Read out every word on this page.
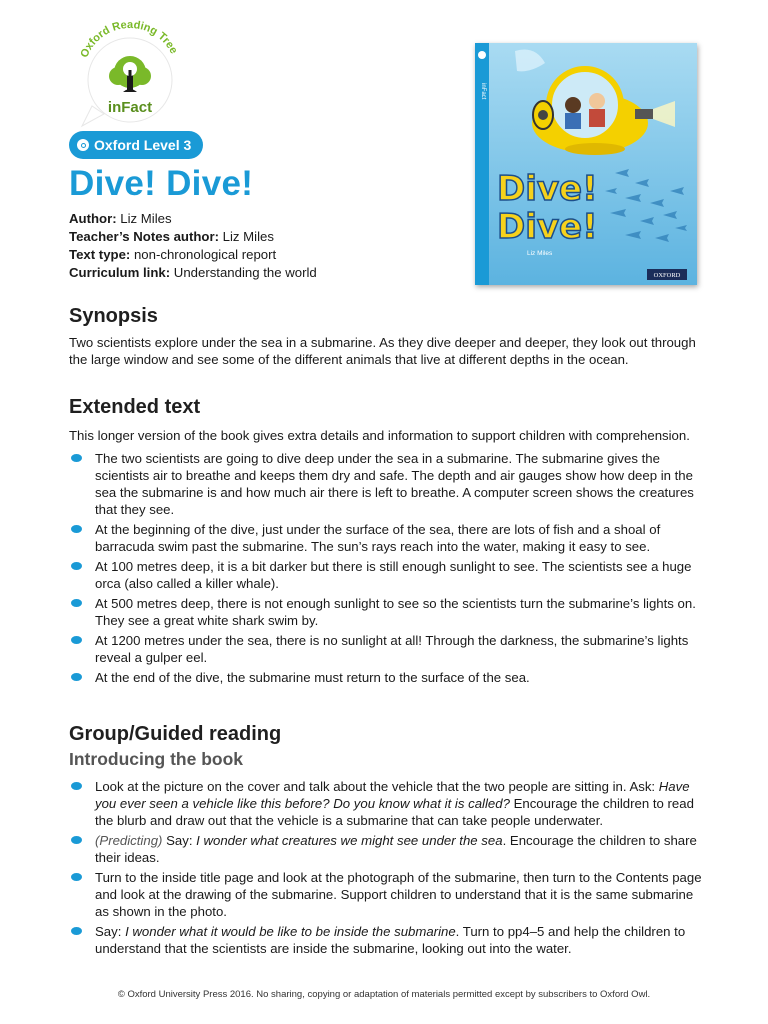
Oxford Reading Tree
inFact
Oxford Level 3
Dive! Dive!
Author: Liz Miles
Teacher’s Notes author: Liz Miles
Text type: non-chronological report
Curriculum link: Understanding the world
inFact
Dive!
Dive!
Liz Miles
OXFORD
Synopsis

Two scientists explore under the sea in a submarine. As they dive deeper and deeper, they look out through the large window and see some of the different animals that live at different depths in the ocean.

Extended text

This longer version of the book gives extra details and information to support children with comprehension.

The two scientists are going to dive deep under the sea in a submarine. The submarine gives the scientists air to breathe and keeps them dry and safe. The depth and air gauges show how deep in the sea the submarine is and how much air there is left to breathe. A computer screen shows the creatures that they see.
At the beginning of the dive, just under the surface of the sea, there are lots of fish and a shoal of barracuda swim past the submarine. The sun’s rays reach into the water, making it easy to see.
At 100 metres deep, it is a bit darker but there is still enough sunlight to see. The scientists see a huge orca (also called a killer whale).
At 500 metres deep, there is not enough sunlight to see so the scientists turn the submarine’s lights on. They see a great white shark swim by.
At 1200 metres under the sea, there is no sunlight at all! Through the darkness, the submarine’s lights reveal a gulper eel.
At the end of the dive, the submarine must return to the surface of the sea.
Group/Guided reading
Introducing the book
Look at the picture on the cover and talk about the vehicle that the two people are sitting in. Ask: Have you ever seen a vehicle like this before? Do you know what it is called? Encourage the children to read the blurb and draw out that the vehicle is a submarine that can take people underwater.
(Predicting) Say: I wonder what creatures we might see under the sea. Encourage the children to share their ideas.
Turn to the inside title page and look at the photograph of the submarine, then turn to the Contents page and look at the drawing of the submarine. Support children to understand that it is the same submarine as shown in the photo.
Say: I wonder what it would be like to be inside the submarine. Turn to pp4–5 and help the children to understand that the scientists are inside the submarine, looking out into the water.
© Oxford University Press 2016. No sharing, copying or adaptation of materials permitted except by subscribers to Oxford Owl.
